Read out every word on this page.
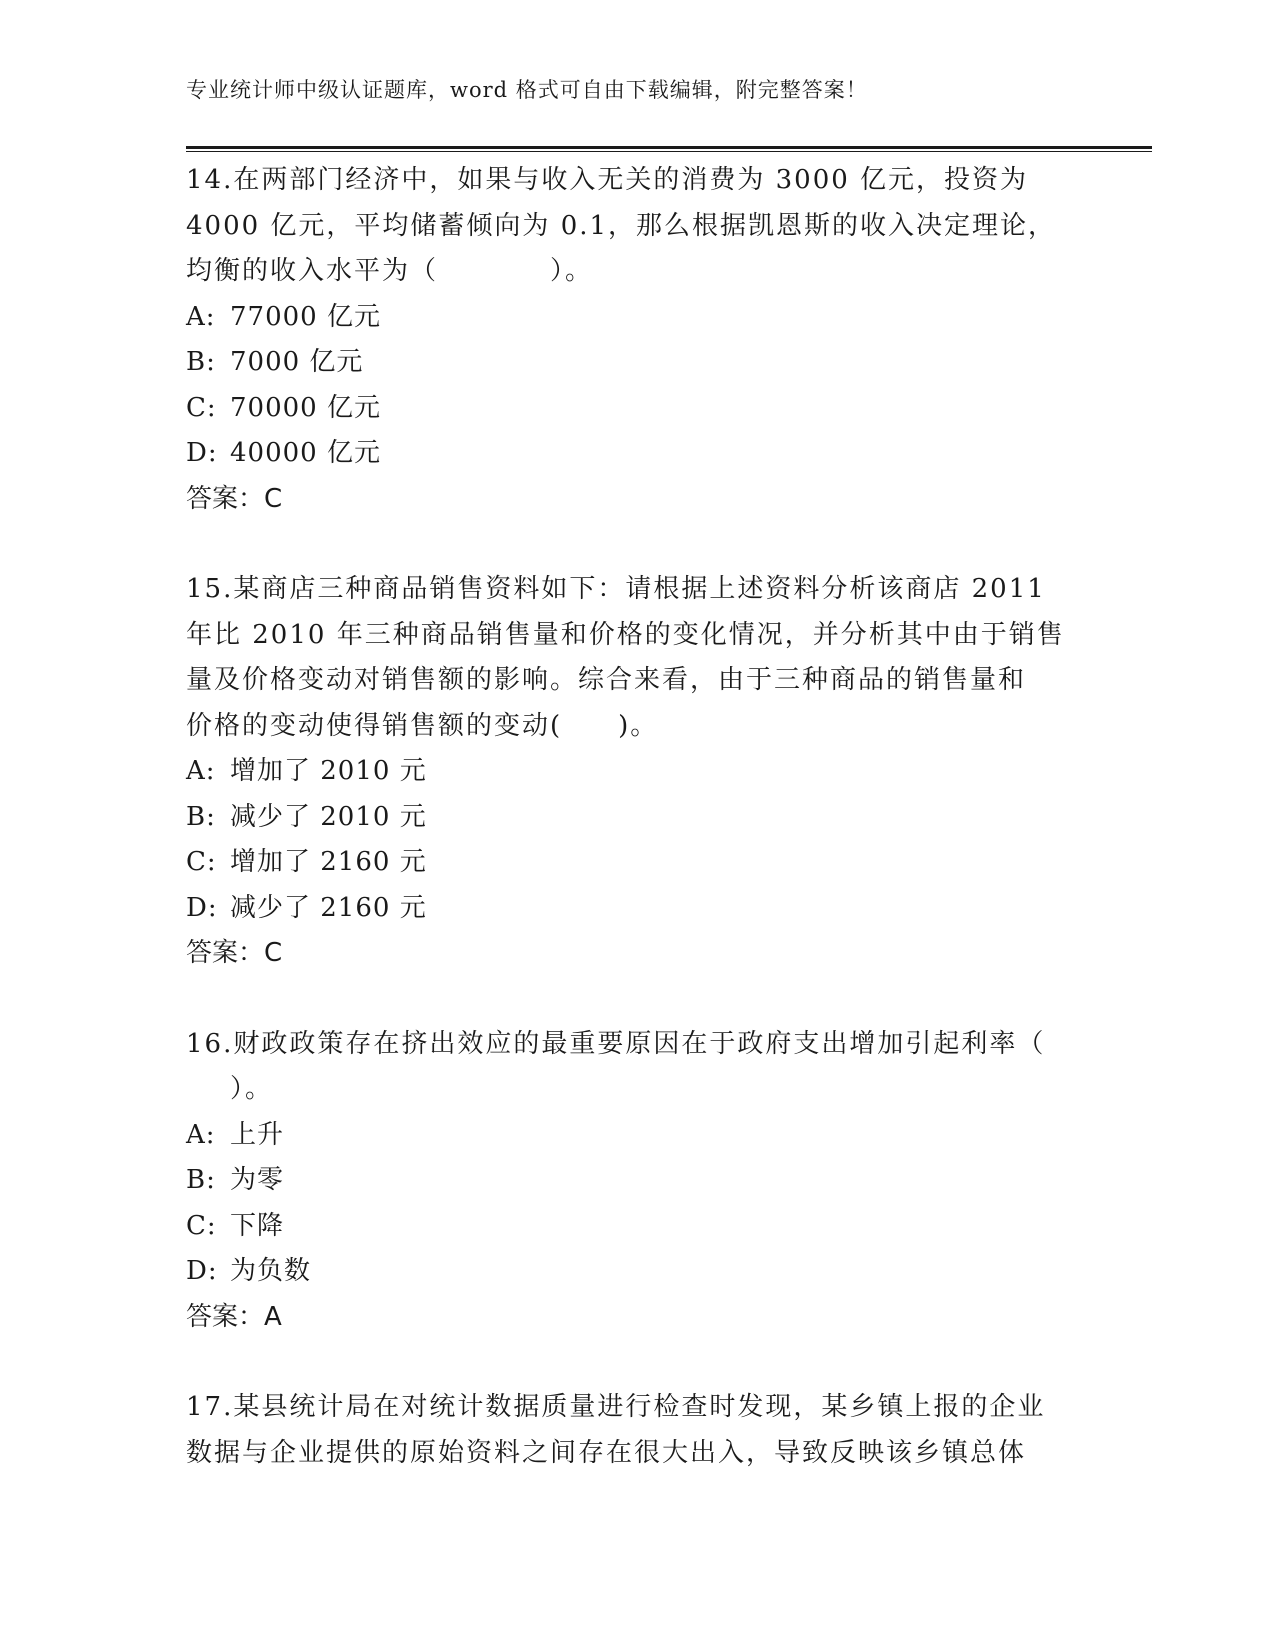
专业统计师中级认证题库，word 格式可自由下载编辑，附完整答案！

14.在两部门经济中，如果与收入无关的消费为 3000 亿元，投资为
4000 亿元，平均储蓄倾向为 0.1，那么根据凯恩斯的收入决定理论，
均衡的收入水平为（　　　　）。

A: 77000 亿元

B: 7000 亿元

C: 70000 亿元

D: 40000 亿元

答案：C

15.某商店三种商品销售资料如下：请根据上述资料分析该商店 2011
年比 2010 年三种商品销售量和价格的变化情况，并分析其中由于销售
量及价格变动对销售额的影响。综合来看，由于三种商品的销售量和
价格的变动使得销售额的变动(　　)。

A: 增加了 2010 元

B: 减少了 2010 元

C: 增加了 2160 元

D: 减少了 2160 元

答案：C

16.财政政策存在挤出效应的最重要原因在于政府支出增加引起利率（
）。

A: 上升

B: 为零

C: 下降

D: 为负数

答案：A

17.某县统计局在对统计数据质量进行检查时发现，某乡镇上报的企业
数据与企业提供的原始资料之间存在很大出入，导致反映该乡镇总体
